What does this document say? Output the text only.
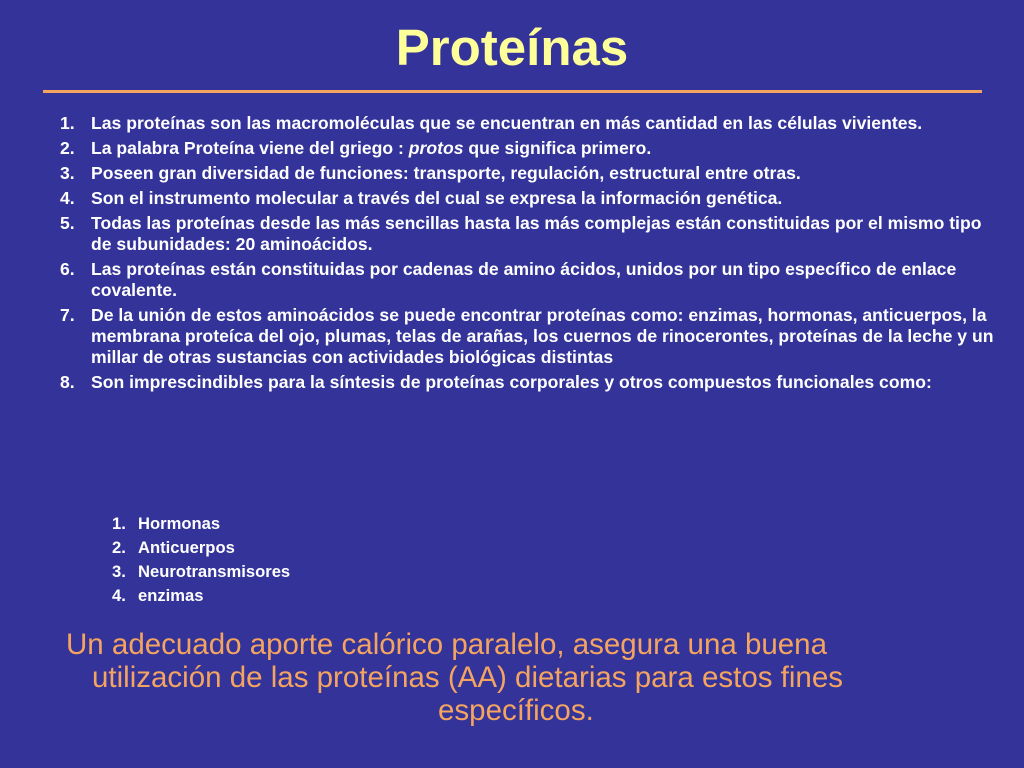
Proteínas
1. Las proteínas son las macromoléculas que se encuentran en más cantidad en las células vivientes.
2. La palabra Proteína viene del griego : protos que significa primero.
3. Poseen gran diversidad de funciones: transporte, regulación, estructural entre otras.
4. Son el instrumento molecular a través del cual se expresa la información genética.
5. Todas las proteínas desde las más sencillas hasta las más complejas están constituidas por el mismo tipo de subunidades: 20 aminoácidos.
6. Las proteínas están constituidas por cadenas de amino ácidos, unidos por un tipo específico de enlace covalente.
7. De la unión de estos aminoácidos se puede encontrar proteínas como: enzimas, hormonas, anticuerpos, la membrana proteíca del ojo, plumas, telas de arañas, los cuernos de rinocerontes, proteínas de la leche y un millar de otras sustancias con actividades biológicas distintas
8. Son imprescindibles para la síntesis de proteínas corporales y otros compuestos funcionales como:
1. Hormonas
2. Anticuerpos
3. Neurotransmisores
4. enzimas

Un adecuado aporte calórico paralelo, asegura una buena
utilización de las proteínas (AA) dietarias para estos fines
específicos.
